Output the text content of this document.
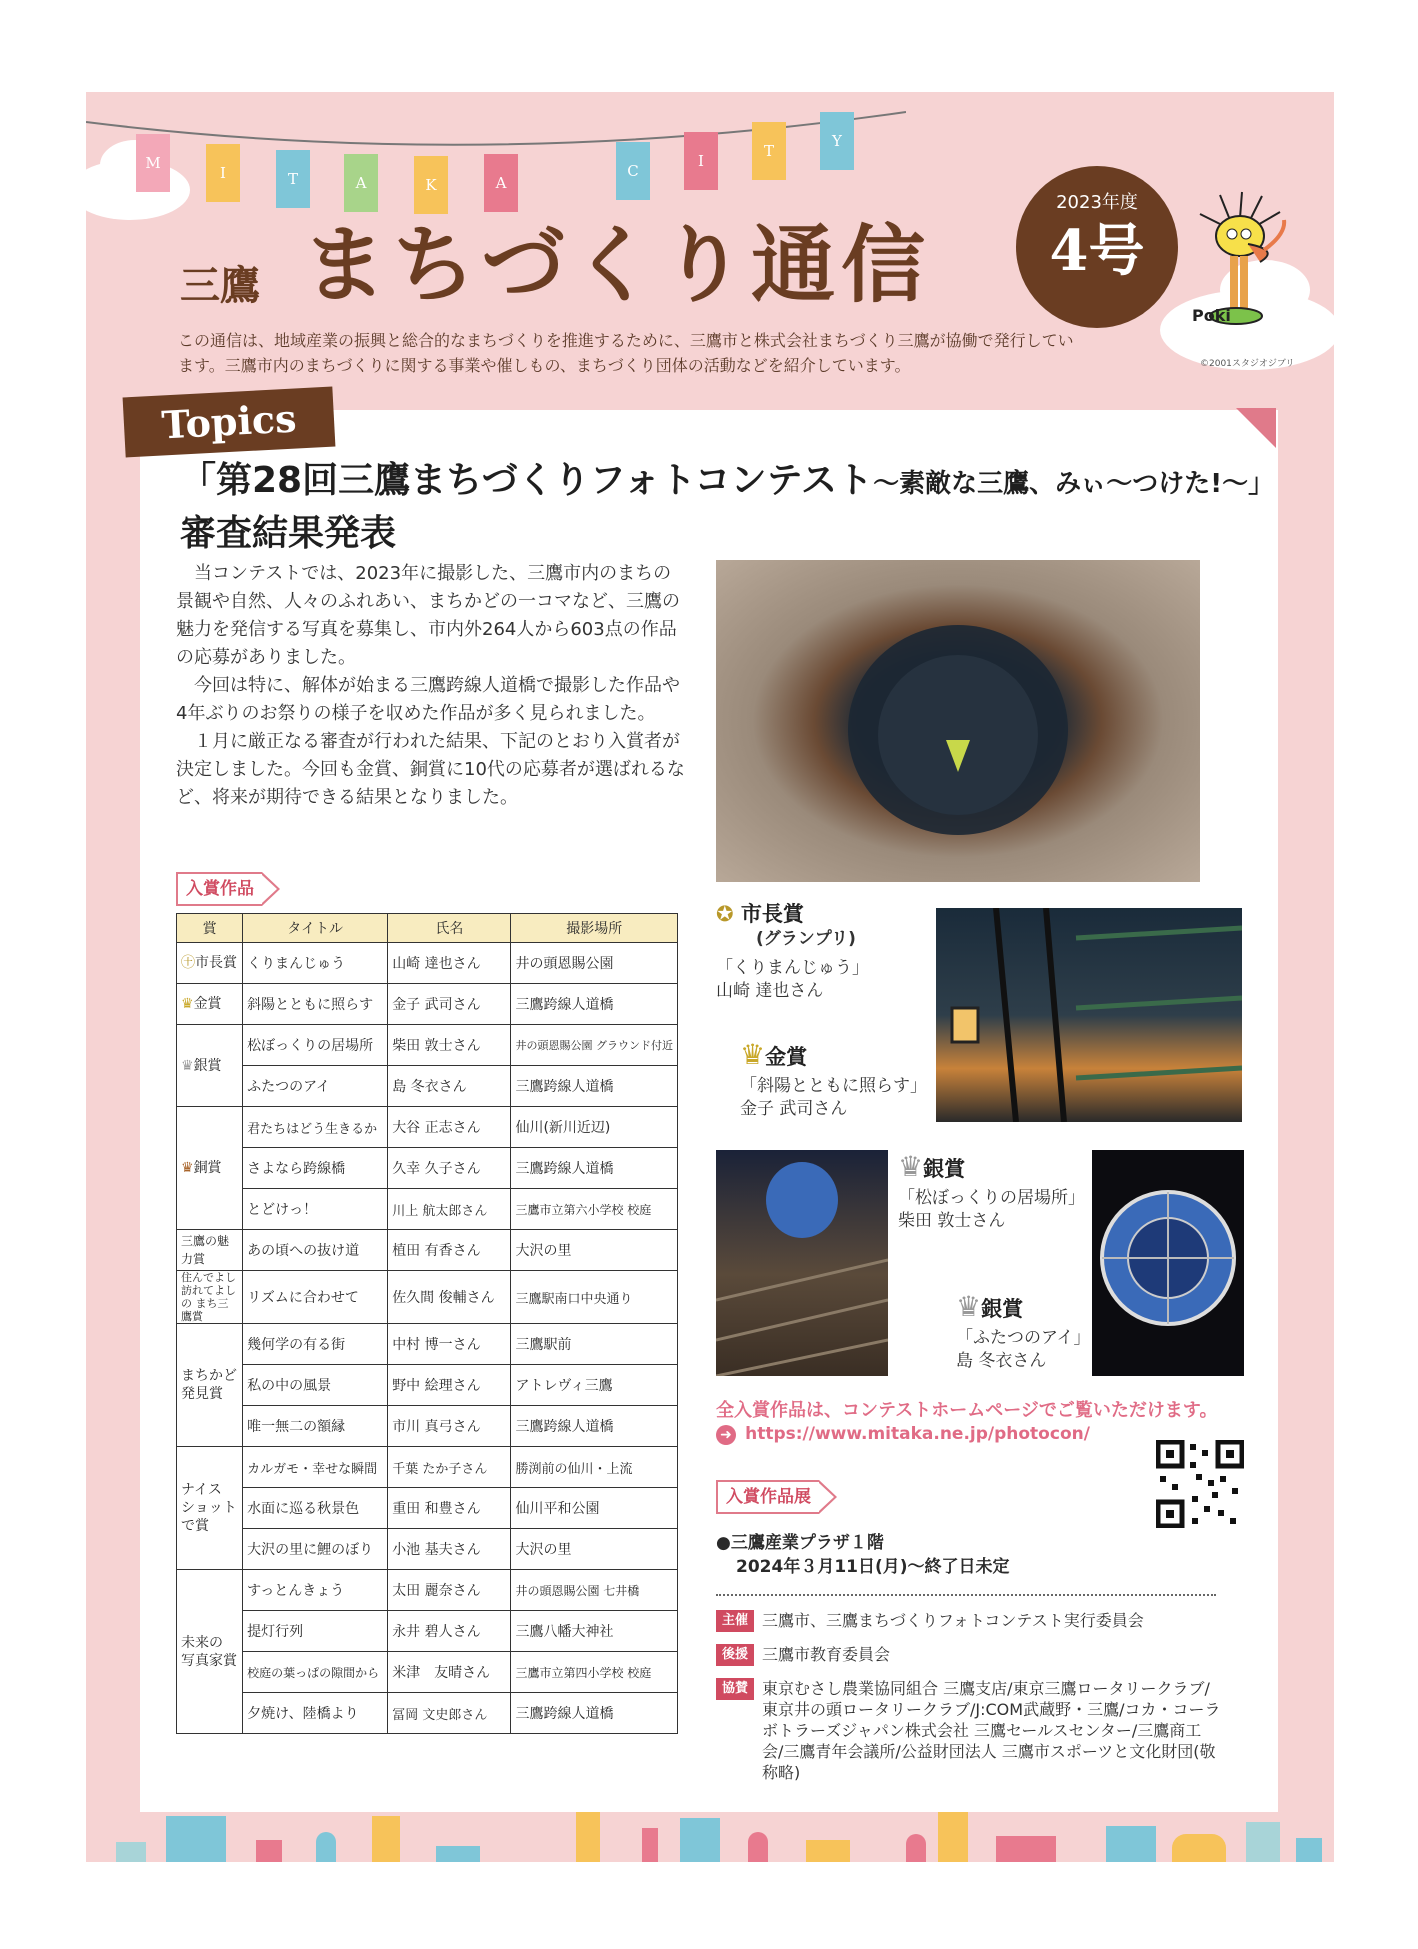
M
I	T	A	K	A
C
I
T
Y
三鷹 まちづくり通信
2023年度
4号
Poki
©2001スタジオジブリ
この通信は、地域産業の振興と総合的なまちづくりを推進するために、三鷹市と株式会社まちづくり三鷹が協働で発行しています。三鷹市内のまちづくりに関する事業や催しもの、まちづくり団体の活動などを紹介しています。
Topics
「第28回三鷹まちづくりフォトコンテスト～素敵な三鷹、みぃ～つけた!～」
審査結果発表

当コンテストでは、2023年に撮影した、三鷹市内のまちの景観や自然、人々のふれあい、まちかどの一コマなど、三鷹の魅力を発信する写真を募集し、市内外264人から603点の作品の応募がありました。

今回は特に、解体が始まる三鷹跨線人道橋で撮影した作品や4年ぶりのお祭りの様子を収めた作品が多く見られました。

１月に厳正なる審査が行われた結果、下記のとおり入賞者が決定しました。今回も金賞、銅賞に10代の応募者が選ばれるなど、将来が期待できる結果となりました。

入賞作品
賞	タイトル	氏名	撮影場所
㊉市長賞	くりまんじゅう	山崎 達也さん	井の頭恩賜公園
♛金賞	斜陽とともに照らす	金子 武司さん	三鷹跨線人道橋
♛銀賞	松ぼっくりの居場所	柴田 敦士さん	井の頭恩賜公園 グラウンド付近
	ふたつのアイ	島 冬衣さん	三鷹跨線人道橋
♛銅賞	君たちはどう生きるか	大谷 正志さん	仙川(新川近辺)
	さよなら跨線橋	久幸 久子さん	三鷹跨線人道橋
	とどけっ！	川上 航太郎さん	三鷹市立第六小学校 校庭
三鷹の魅力賞	あの頃への抜け道	植田 有香さん	大沢の里
住んでよし 訪れてよしの まち三鷹賞	リズムに合わせて	佐久間 俊輔さん	三鷹駅南口中央通り
まちかど 発見賞	幾何学の有る街	中村 博一さん	三鷹駅前
	私の中の風景	野中 絵理さん	アトレヴィ三鷹
	唯一無二の額縁	市川 真弓さん	三鷹跨線人道橋
ナイス ショット で賞	カルガモ・幸せな瞬間	千葉 たか子さん	勝渕前の仙川・上流
	水面に巡る秋景色	重田 和豊さん	仙川平和公園
	大沢の里に鯉のぼり	小池 基夫さん	大沢の里
未来の 写真家賞	すっとんきょう	太田 麗奈さん	井の頭恩賜公園 七井橋
	提灯行列	永井 碧人さん	三鷹八幡大神社
	校庭の葉っぱの隙間から	米津　友晴さん	三鷹市立第四小学校 校庭
	夕焼け、陸橋より	冨岡 文史郎さん	三鷹跨線人道橋
✪ 市長賞
(グランプリ)
「くりまんじゅう」
山崎 達也さん
♛金賞
「斜陽とともに照らす」
金子 武司さん
♛銀賞
「松ぼっくりの居場所」
柴田 敦士さん
♛銀賞
「ふたつのアイ」
島 冬衣さん
全入賞作品は、コンテストホームページでご覧いただけます。
➜ https://www.mitaka.ne.jp/photocon/
入賞作品展
●三鷹産業プラザ１階
2024年３月11日(月)～終了日未定
主催 三鷹市、三鷹まちづくりフォトコンテスト実行委員会
後援 三鷹市教育委員会
協賛 東京むさし農業協同組合 三鷹支店/東京三鷹ロータリークラブ/東京井の頭ロータリークラブ/J:COM武蔵野・三鷹/コカ・コーラボトラーズジャパン株式会社 三鷹セールスセンター/三鷹商工会/三鷹青年会議所/公益財団法人 三鷹市スポーツと文化財団(敬称略)
